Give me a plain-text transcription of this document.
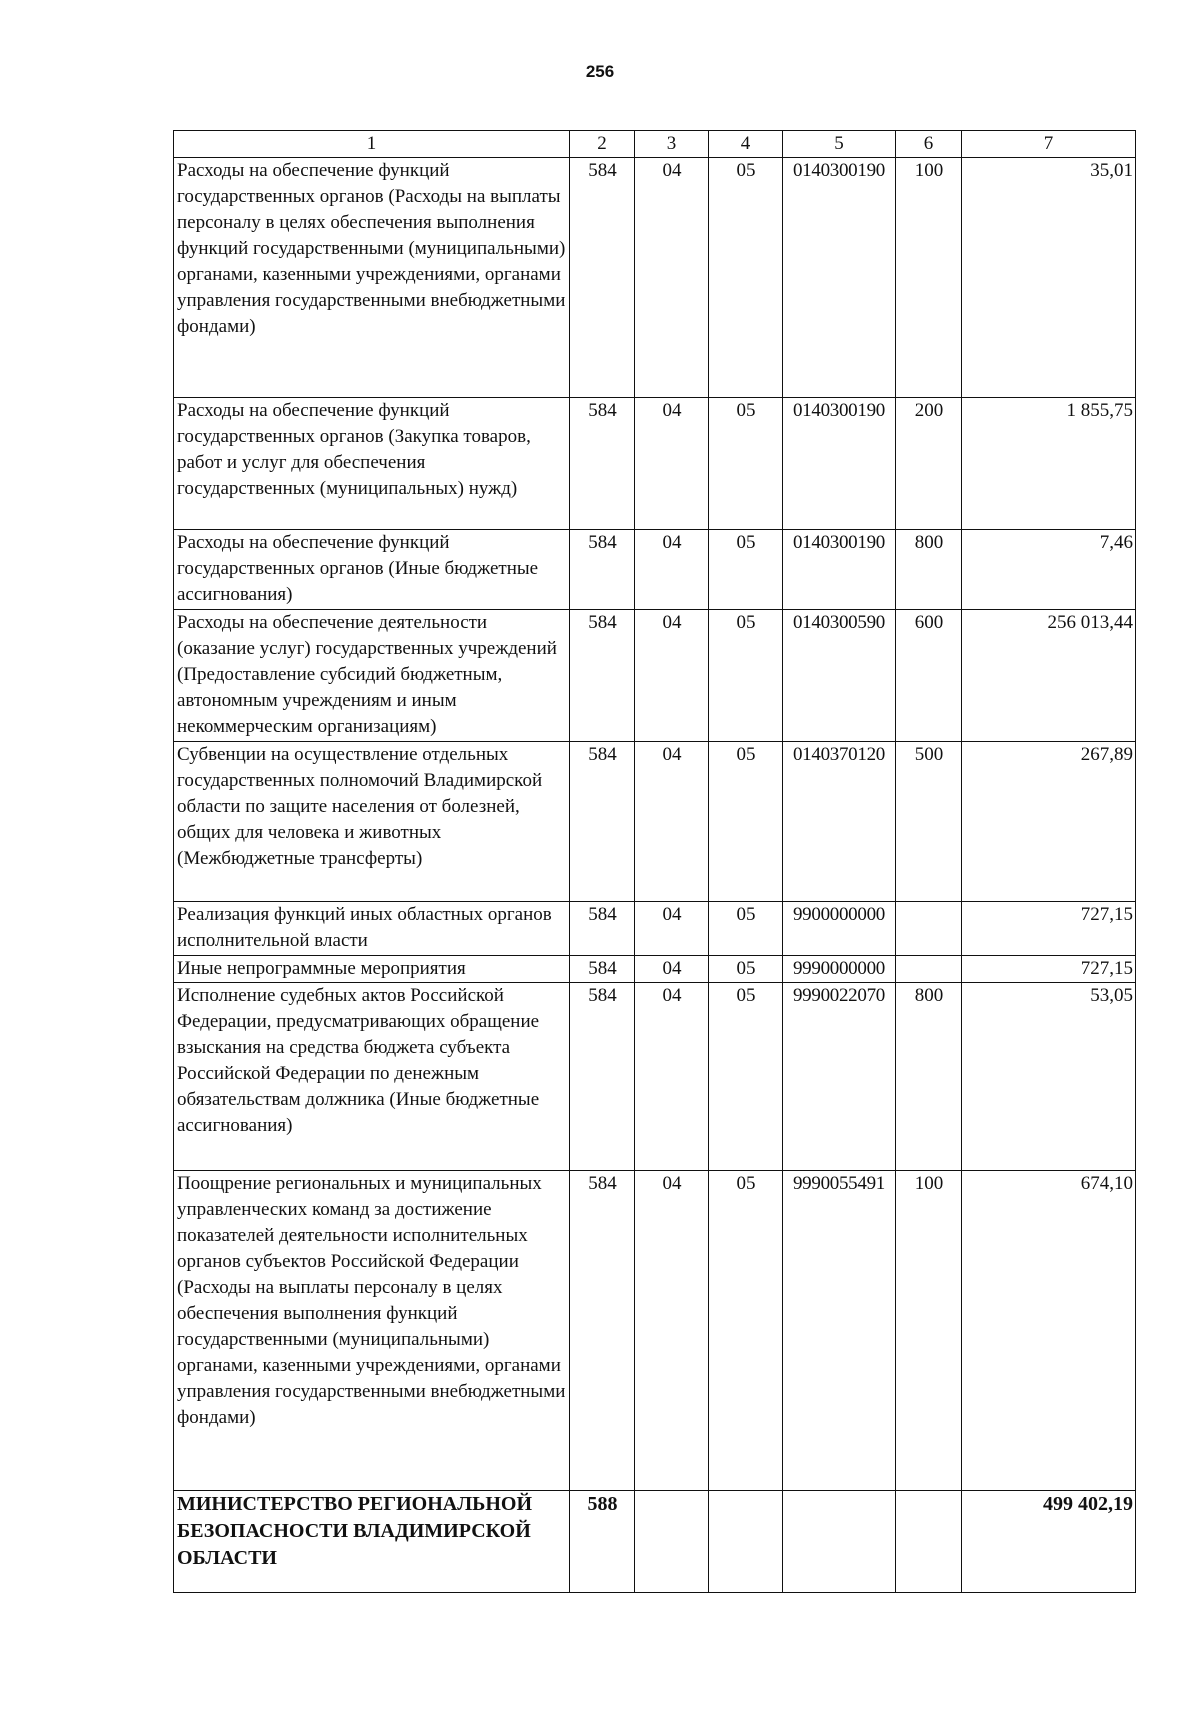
256
1	2	3	4	5	6	7
Расходы на обеспечение функций государственных органов (Расходы на выплаты персоналу в целях обеспечения выполнения функций государственными (муниципальными) органами, казенными учреждениями, органами управления государственными внебюджетными фондами)	584	04	05	0140300190	100	35,01
Расходы на обеспечение функций государственных органов (Закупка товаров, работ и услуг для обеспечения государственных (муниципальных) нужд)	584	04	05	0140300190	200	1 855,75
Расходы на обеспечение функций государственных органов (Иные бюджетные ассигнования)	584	04	05	0140300190	800	7,46
Расходы на обеспечение деятельности (оказание услуг) государственных учреждений (Предоставление субсидий бюджетным, автономным учреждениям и иным некоммерческим организациям)	584	04	05	0140300590	600	256 013,44
Субвенции на осуществление отдельных государственных полномочий Владимирской области по защите населения от болезней, общих для человека и животных (Межбюджетные трансферты)	584	04	05	0140370120	500	267,89
Реализация функций иных областных органов исполнительной власти	584	04	05	9900000000		727,15
Иные непрограммные мероприятия	584	04	05	9990000000		727,15
Исполнение судебных актов Российской Федерации, предусматривающих обращение взыскания на средства бюджета субъекта Российской Федерации по денежным обязательствам должника (Иные бюджетные ассигнования)	584	04	05	9990022070	800	53,05
Поощрение региональных и муниципальных управленческих команд за достижение показателей деятельности исполнительных органов субъектов Российской Федерации (Расходы на выплаты персоналу в целях обеспечения выполнения функций государственными (муниципальными) органами, казенными учреждениями, органами управления государственными внебюджетными фондами)	584	04	05	9990055491	100	674,10
МИНИСТЕРСТВО РЕГИОНАЛЬНОЙ БЕЗОПАСНОСТИ ВЛАДИМИРСКОЙ ОБЛАСТИ	588					499 402,19
